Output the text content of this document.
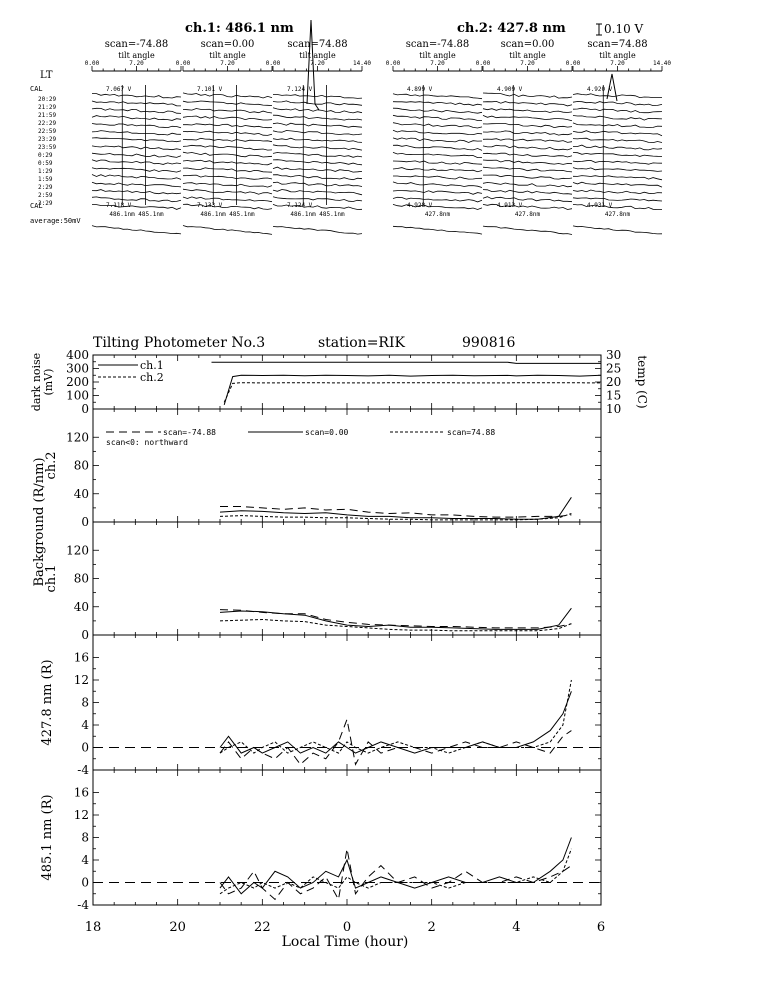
ch.1: 486.1 nm	ch.2: 427.8 nm	0.10 V
LT
CAL
CAL
average:50mV
20:29
21:29
21:59
22:29
22:59
23:29
23:59
0:29
0:59
1:29
1:59
2:29
2:59
3:29
scan=-74.88
tilt angle
0.00	7.20
7.067 V
7.118 V
486.1nm 485.1nm
scan=0.00
tilt angle
0.00	7.20
7.101 V
7.133 V
486.1nm 485.1nm
scan=74.88
tilt angle
0.00	7.20	14.40
7.124 V
7.124 V
486.1nm 485.1nm
scan=-74.88
tilt angle
0.00	7.20
4.899 V
4.928 V
427.8nm
scan=0.00
tilt angle
0.00	7.20
4.909 V
4.913 V
427.8nm
scan=74.88
tilt angle
0.00	7.20	14.40
4.920 V
4.931 V
427.8nm
Tilting Photometer No.3	station=RIK	990816
0
100
200
300
400
10
15
20
25
30
temp (C)
dark noise (mV)
ch.1
ch.2
0
40
80
120
ch.2
scan=-74.88	scan=0.00	scan=74.88
scan<0: northward
0
40
80
120
ch.1
-4
0
4
8
12
16
427.8 nm (R)
-4
0
4
8
12
16
485.1 nm (R)
Background (R/nm)
18	20	22	0	2	4	6
Local Time (hour)
